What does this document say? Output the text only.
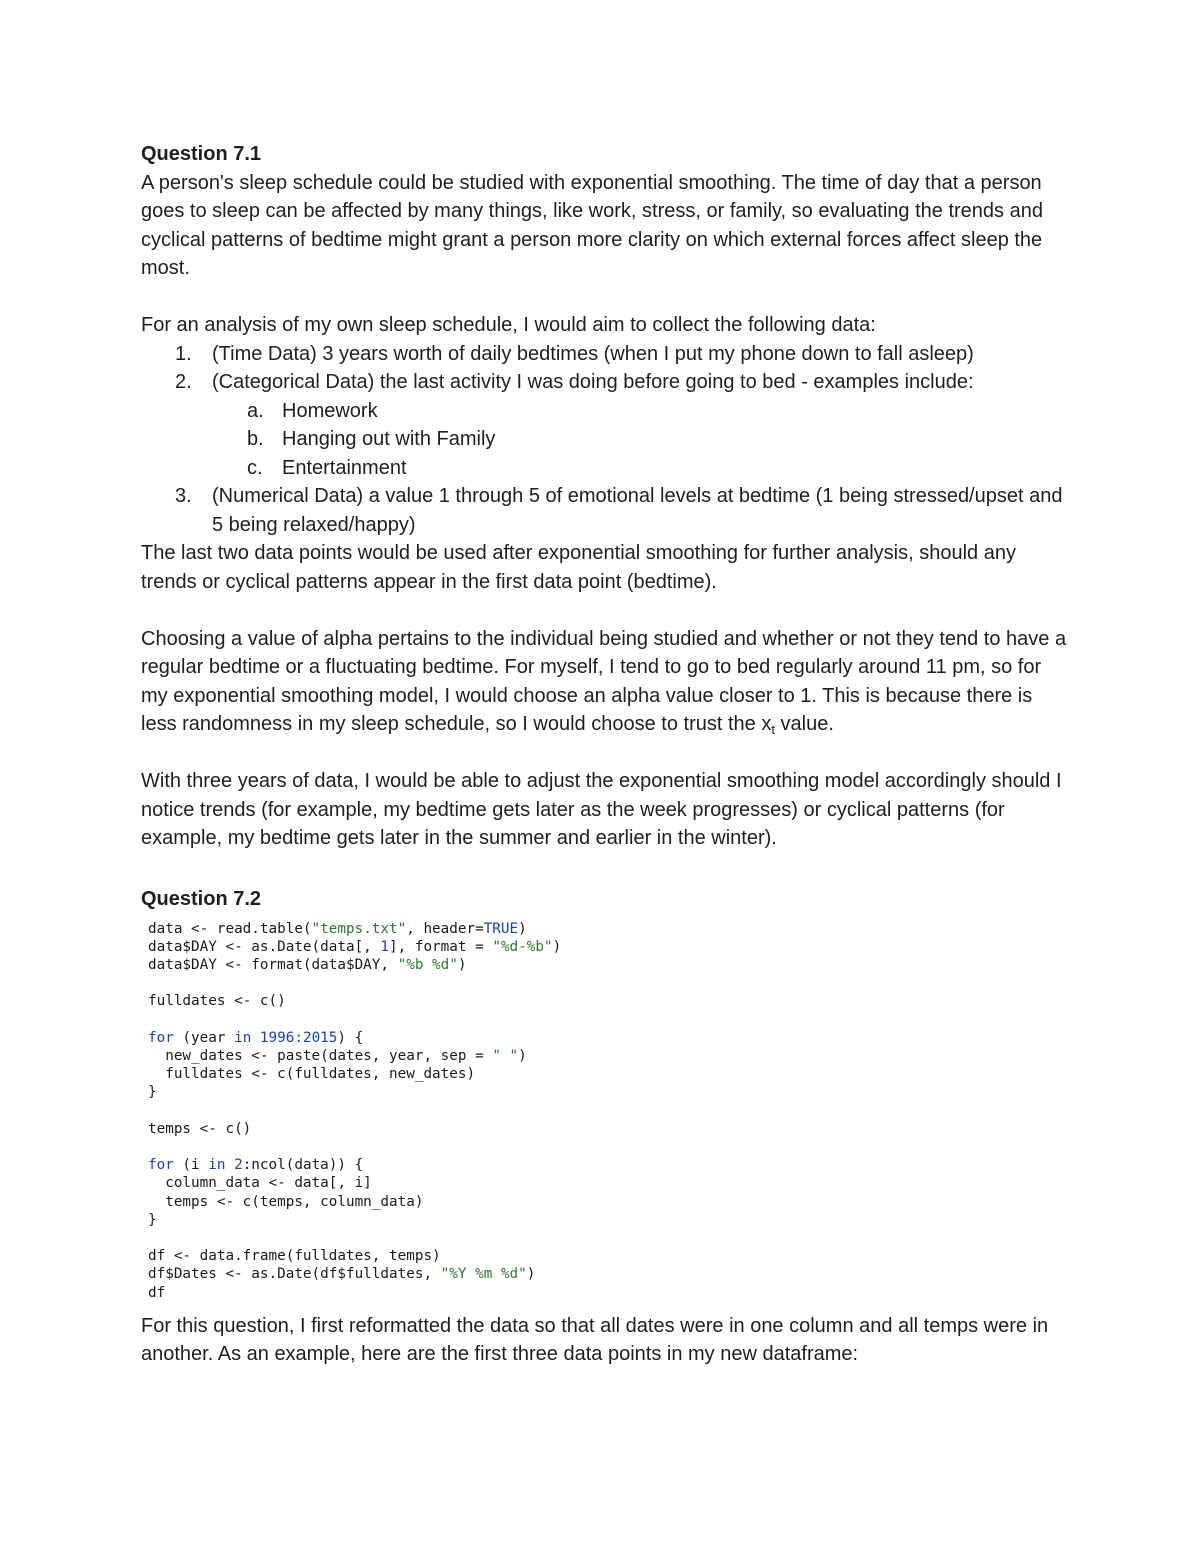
Question 7.1

A person's sleep schedule could be studied with exponential smoothing. The time of day that a person goes to sleep can be affected by many things, like work, stress, or family, so evaluating the trends and cyclical patterns of bedtime might grant a person more clarity on which external forces affect sleep the most.

For an analysis of my own sleep schedule, I would aim to collect the following data:

1. (Time Data) 3 years worth of daily bedtimes (when I put my phone down to fall asleep)
2. (Categorical Data) the last activity I was doing before going to bed - examples include:
a. Homework
b. Hanging out with Family
c. Entertainment
3. (Numerical Data) a value 1 through 5 of emotional levels at bedtime (1 being stressed/upset and 5 being relaxed/happy)

The last two data points would be used after exponential smoothing for further analysis, should any trends or cyclical patterns appear in the first data point (bedtime).

Choosing a value of alpha pertains to the individual being studied and whether or not they tend to have a regular bedtime or a fluctuating bedtime. For myself, I tend to go to bed regularly around 11 pm, so for my exponential smoothing model, I would choose an alpha value closer to 1. This is because there is less randomness in my sleep schedule, so I would choose to trust the $x_t$ value.

With three years of data, I would be able to adjust the exponential smoothing model accordingly should I notice trends (for example, my bedtime gets later as the week progresses) or cyclical patterns (for example, my bedtime gets later in the summer and earlier in the winter).

Question 7.2

data <- read.table("temps.txt", header=TRUE)
data$DAY <- as.Date(data[, 1], format = "%d-%b")
data$DAY <- format(data$DAY, "%b %d")

fulldates <- c()

for (year in 1996:2015) {
new_dates <- paste(dates, year, sep = " ")
fulldates <- c(fulldates, new_dates)
}

temps <- c()

for (i in 2:ncol(data)) {
column_data <- data[, i]
temps <- c(temps, column_data)
}

df <- data.frame(fulldates, temps)
df$Dates <- as.Date(df$fulldates, "%Y %m %d")
df

For this question, I first reformatted the data so that all dates were in one column and all temps were in another. As an example, here are the first three data points in my new dataframe:
